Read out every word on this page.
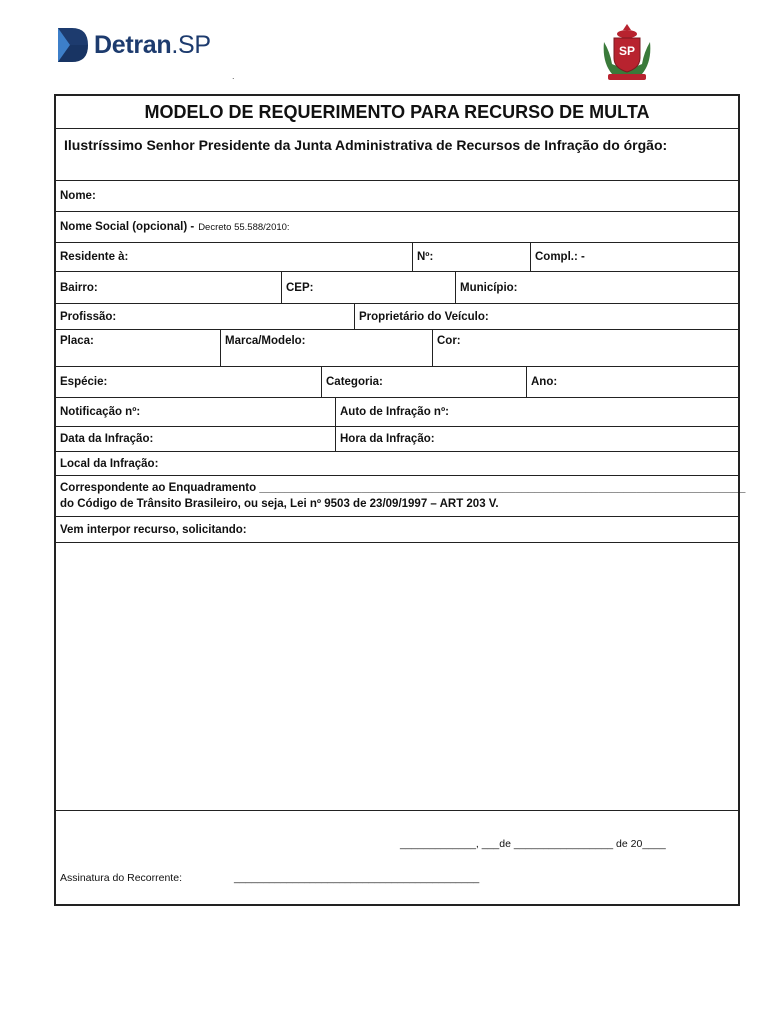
Detran.SP
.
SP
MODELO DE REQUERIMENTO PARA RECURSO DE MULTA
Ilustríssimo Senhor Presidente da Junta Administrativa de Recursos de Infração do órgão:
Nome:
Nome Social (opcional) - Decreto 55.588/2010:
Residente à:	Nº:	Compl.: -
Bairro:	CEP:	Município:
Profissão:	Proprietário do Veículo:
Placa:	Marca/Modelo:	Cor:
Espécie:	Categoria:	Ano:
Notificação nº:	Auto de Infração nº:
Data da Infração:	Hora da Infração:
Local da Infração:
Correspondente ao Enquadramento ____________________________________________________________________________
do Código de Trânsito Brasileiro, ou seja, Lei nº 9503 de 23/09/1997 – ART 203 V.
Vem interpor recurso, solicitando:
_____________, ___de _________________ de 20____
Assinatura do Recorrente:	__________________________________________
